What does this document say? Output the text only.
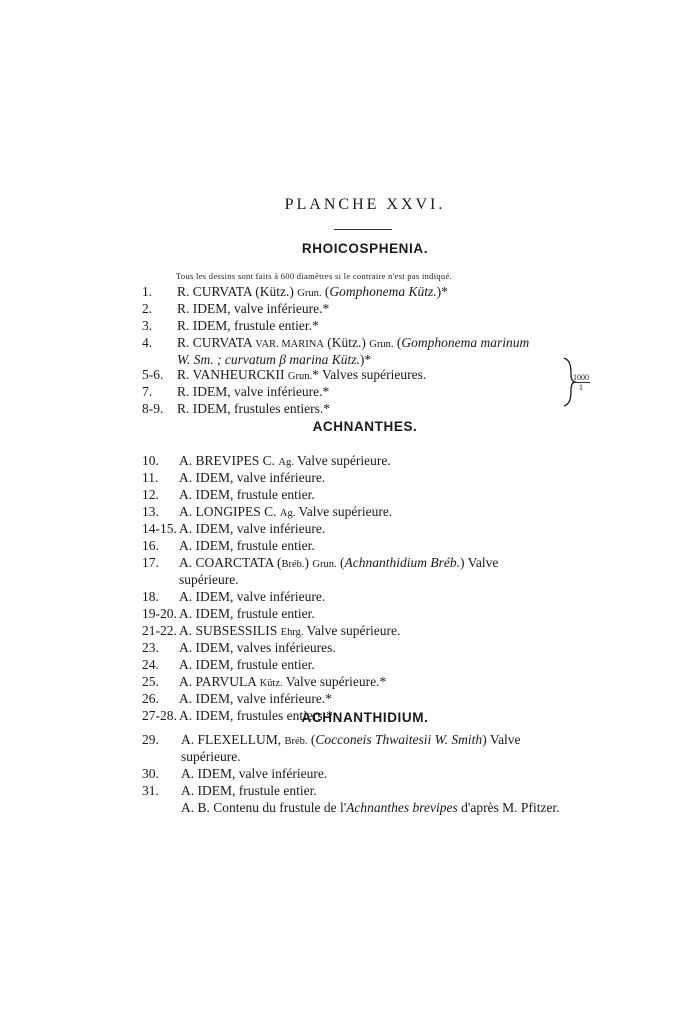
PLANCHE XXVI.
RHOICOSPHENIA.
Tous les dessins sont faits à 600 diamètres si le contraire n'est pas indiqué.
1. R. CURVATA (Kütz.) Grun. (Gomphonema Kütz.)*
2. R. IDEM, valve inférieure.*
3. R. IDEM, frustule entier.*
4. R. CURVATA VAR. MARINA (Kütz.) Grun. (Gomphonema marinum
W. Sm. ; curvatum β marina Kütz.)*
5-6. R. VANHEURCKII Grun.* Valves supérieures.
7. R. IDEM, valve inférieure.*
8-9. R. IDEM, frustules entiers.*
$\frac{1000}{1}$
ACHNANTHES.
10. A. BREVIPES C. Ag. Valve supérieure.
11. A. IDEM, valve inférieure.
12. A. IDEM, frustule entier.
13. A. LONGIPES C. Ag. Valve supérieure.
14-15. A. IDEM, valve inférieure.
16. A. IDEM, frustule entier.
17. A. COARCTATA (Bréb.) Grun. (Achnanthidium Bréb.) Valve
supérieure.
18. A. IDEM, valve inférieure.
19-20. A. IDEM, frustule entier.
21-22. A. SUBSESSILIS Ehrg. Valve supérieure.
23. A. IDEM, valves inférieures.
24. A. IDEM, frustule entier.
25. A. PARVULA Kütz. Valve supérieure.*
26. A. IDEM, valve inférieure.*
27-28. A. IDEM, frustules entiers.*
ACHNANTHIDIUM.
29. A. FLEXELLUM, Bréb. (Cocconeis Thwaitesii W. Smith) Valve
supérieure.
30. A. IDEM, valve inférieure.
31. A. IDEM, frustule entier.
A. B. Contenu du frustule de l'Achnanthes brevipes d'après M. Pfitzer.
